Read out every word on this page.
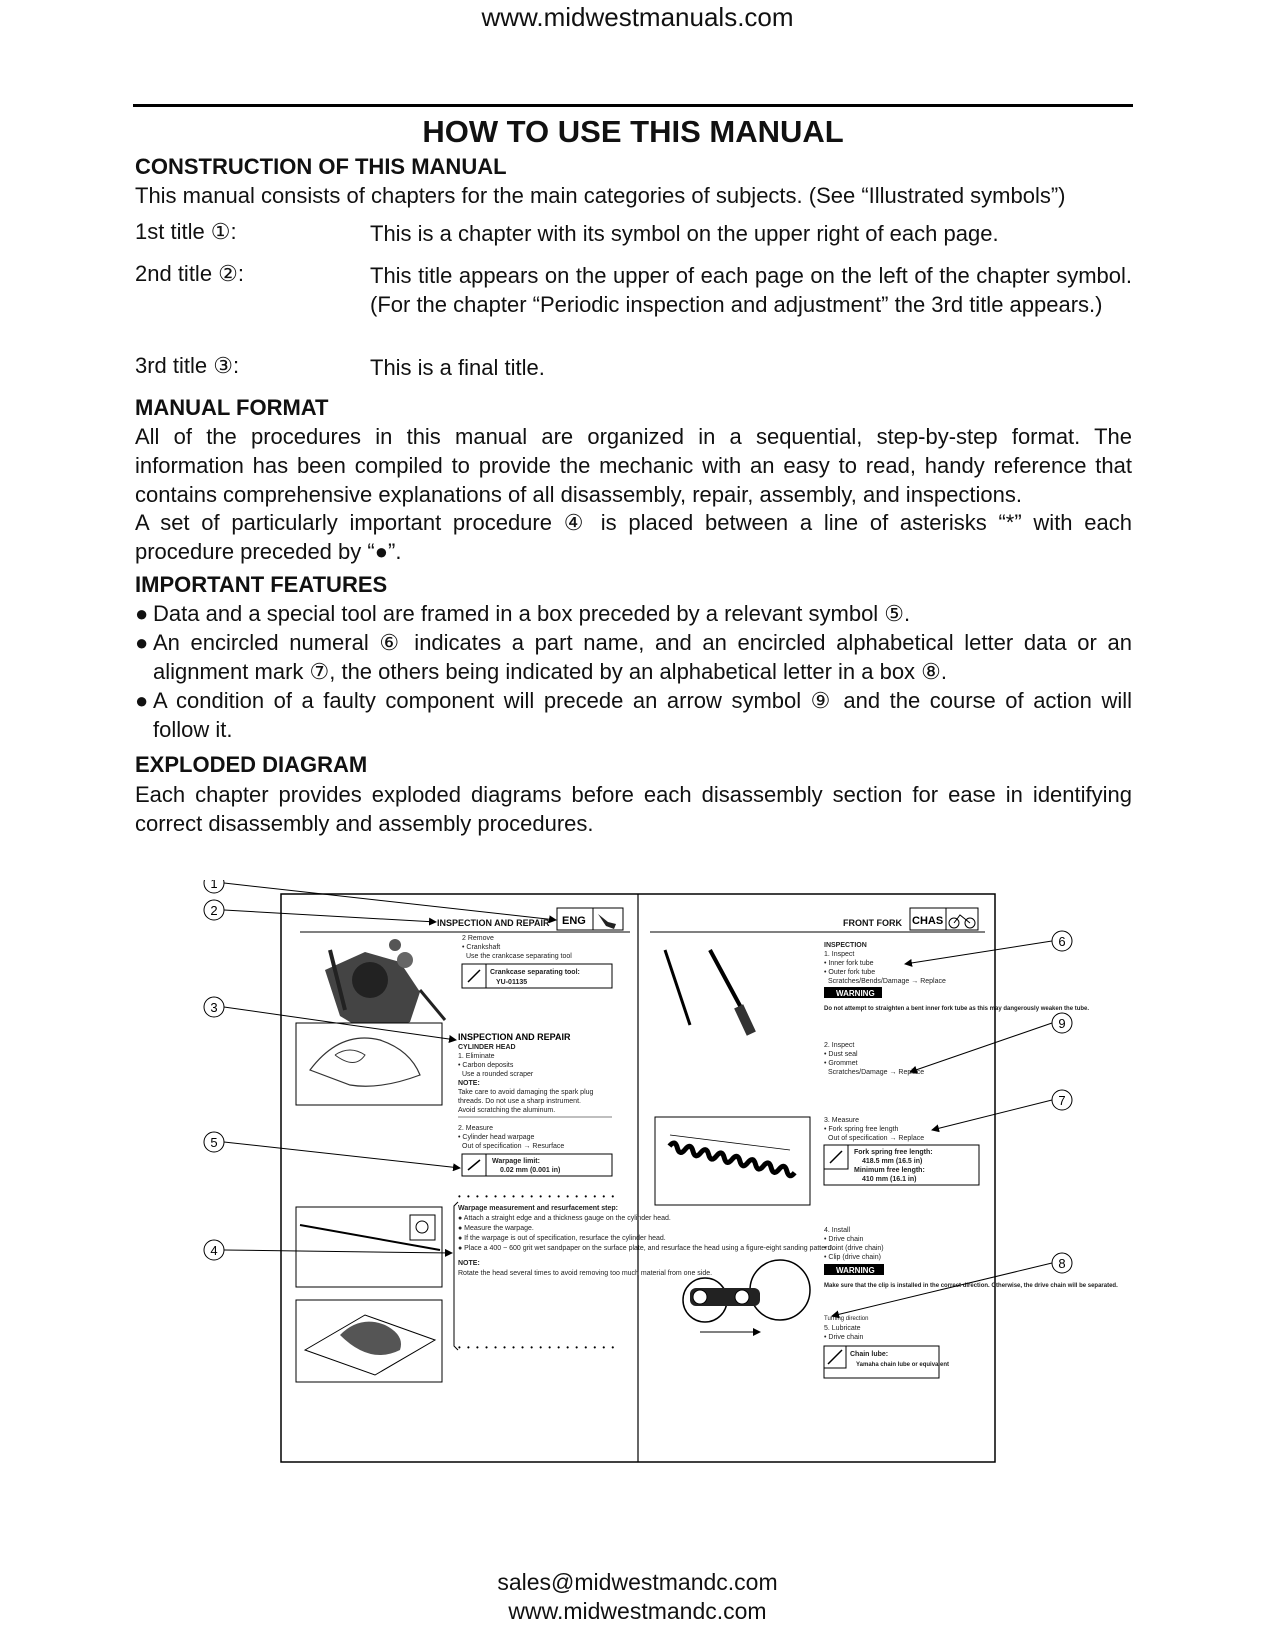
www.midwestmanuals.com
HOW TO USE THIS MANUAL
CONSTRUCTION OF THIS MANUAL
This manual consists of chapters for the main categories of subjects. (See “Illustrated symbols”)
1st title ①:	This is a chapter with its symbol on the upper right of each page.
2nd title ②:	This title appears on the upper of each page on the left of the chapter symbol. (For the chapter “Periodic inspection and adjustment” the 3rd title appears.)
3rd title ③:	This is a final title.
MANUAL FORMAT
All of the procedures in this manual are organized in a sequential, step-by-step format. The information has been compiled to provide the mechanic with an easy to read, handy reference that contains comprehensive explanations of all disassembly, repair, assembly, and inspections.
A set of particularly important procedure ④ is placed between a line of asterisks “*” with each procedure preceded by “●”.
IMPORTANT FEATURES
● Data and a special tool are framed in a box preceded by a relevant symbol ⑤.
● An encircled numeral ⑥ indicates a part name, and an encircled alphabetical letter data or an alignment mark ⑦, the others being indicated by an alphabetical letter in a box ⑧.
● A condition of a faulty component will precede an arrow symbol ⑨ and the course of action will follow it.
EXPLODED DIAGRAM
Each chapter provides exploded diagrams before each disassembly section for ease in identifying correct disassembly and assembly procedures.
INSPECTION AND REPAIR ENG	FRONT FORK CHAS
2 Remove
• Crankshaft
Use the crankcase separating tool
Crankcase separating tool:
YU-01135
INSPECTION AND REPAIR
CYLINDER HEAD
1. Eliminate
• Carbon deposits
Use a rounded scraper
NOTE:
Take care to avoid damaging the spark plug
threads. Do not use a sharp instrument.
Avoid scratching the aluminum.
2. Measure
• Cylinder head warpage
Out of specification → Resurface
Warpage limit:
0.02 mm (0.001 in)
• • • • • • • • • • • • • • • • • •
Warpage measurement and resurfacement step:
● Attach a straight edge and a thickness gauge on the cylinder head.
● Measure the warpage.
● If the warpage is out of specification, resurface the cylinder head.
● Place a 400 ~ 600 grit wet sandpaper on the surface plate, and resurface the head using a figure-eight sanding pattern.
NOTE:
Rotate the head several times to avoid removing too much material from one side.
• • • • • • • • • • • • • • • • • •
INSPECTION
1. Inspect
• Inner fork tube
• Outer fork tube
Scratches/Bends/Damage → Replace
WARNING
Do not attempt to straighten a bent inner fork tube as this may dangerously weaken the tube.
2. Inspect
• Dust seal
• Grommet
Scratches/Damage → Replace
3. Measure
• Fork spring free length
Out of specification → Replace
Fork spring free length:
418.5 mm (16.5 in)
Minimum free length:
410 mm (16.1 in)
4. Install
• Drive chain
• Joint (drive chain)
• Clip (drive chain)
WARNING
Make sure that the clip is installed in the correct direction. Otherwise, the drive chain will be separated.
Turning direction
5. Lubricate
• Drive chain
Chain lube:
Yamaha chain lube or equivalent
1
2
3
5
4
6
9
7
8
sales@midwestmandc.com
www.midwestmandc.com
